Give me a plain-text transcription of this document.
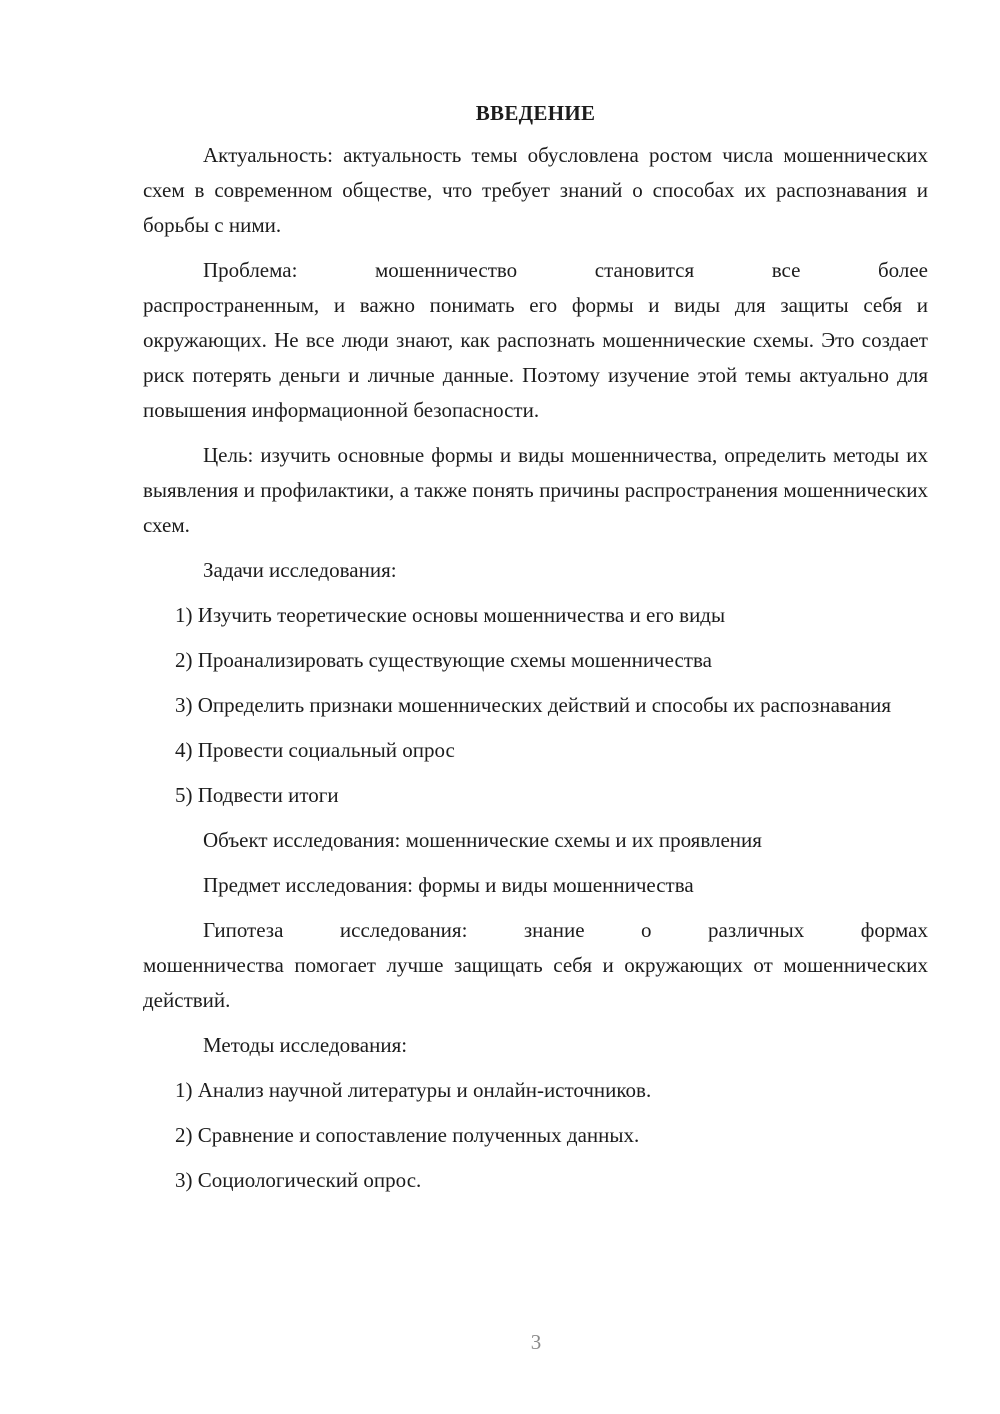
ВВЕДЕНИЕ

Актуальность: актуальность темы обусловлена ростом числа мошеннических схем в современном обществе, что требует знаний о способах их распознавания и борьбы с ними.

Проблема: мошенничество становится все более

распространенным, и важно понимать его формы и виды для защиты себя и окружающих. Не все люди знают, как распознать мошеннические схемы. Это создает риск потерять деньги и личные данные. Поэтому изучение этой темы актуально для повышения информационной безопасности.

Цель: изучить основные формы и виды мошенничества, определить методы их выявления и профилактики, а также понять причины распространения мошеннических схем.

Задачи исследования:

1) Изучить теоретические основы мошенничества и его виды

2) Проанализировать существующие схемы мошенничества

3) Определить признаки мошеннических действий и способы их распознавания

4) Провести социальный опрос

5) Подвести итоги

Объект исследования: мошеннические схемы и их проявления

Предмет исследования: формы и виды мошенничества

Гипотеза исследования: знание о различных формах

мошенничества помогает лучше защищать себя и окружающих от мошеннических действий.

Методы исследования:

1) Анализ научной литературы и онлайн-источников.

2) Сравнение и сопоставление полученных данных.

3) Социологический опрос.

3
